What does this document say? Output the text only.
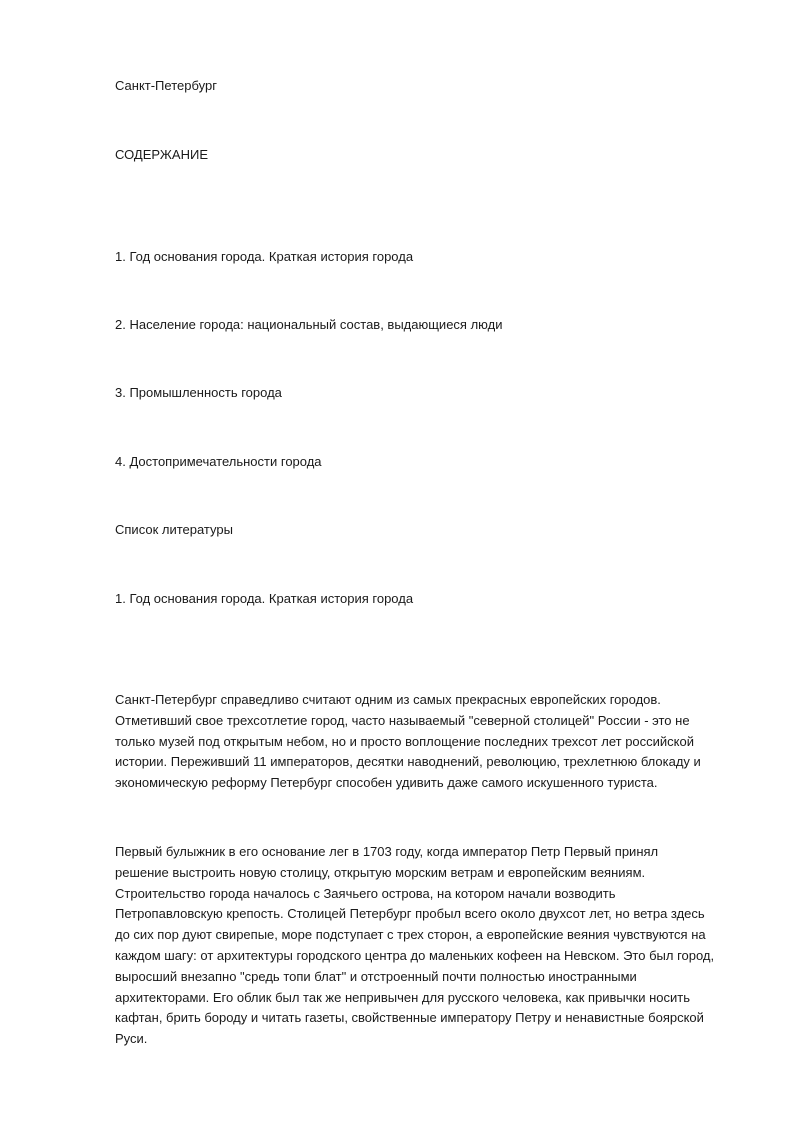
Санкт-Петербург

СОДЕРЖАНИЕ

1. Год основания города. Краткая история города

2. Население города: национальный состав, выдающиеся люди

3. Промышленность города

4. Достопримечательности города

Список литературы

1. Год основания города. Краткая история города

Санкт-Петербург справедливо считают одним из самых прекрасных европейских городов.
Отметивший свое трехсотлетие город, часто называемый "северной столицей" России - это не
только музей под открытым небом, но и просто воплощение последних трехсот лет российской
истории. Переживший 11 императоров, десятки наводнений, революцию, трехлетнюю блокаду и
экономическую реформу Петербург способен удивить даже самого искушенного туриста.

Первый булыжник в его основание лег в 1703 году, когда император Петр Первый принял
решение выстроить новую столицу, открытую морским ветрам и европейским веяниям.
Строительство города началось с Заячьего острова, на котором начали возводить
Петропавловскую крепость. Столицей Петербург пробыл всего около двухсот лет, но ветра здесь
до сих пор дуют свирепые, море подступает с трех сторон, а европейские веяния чувствуются на
каждом шагу: от архитектуры городского центра до маленьких кофеен на Невском. Это был город,
выросший внезапно "средь топи блат" и отстроенный почти полностью иностранными
архитекторами. Его облик был так же непривычен для русского человека, как привычки носить
кафтан, брить бороду и читать газеты, свойственные императору Петру и ненавистные боярской
Руси.
